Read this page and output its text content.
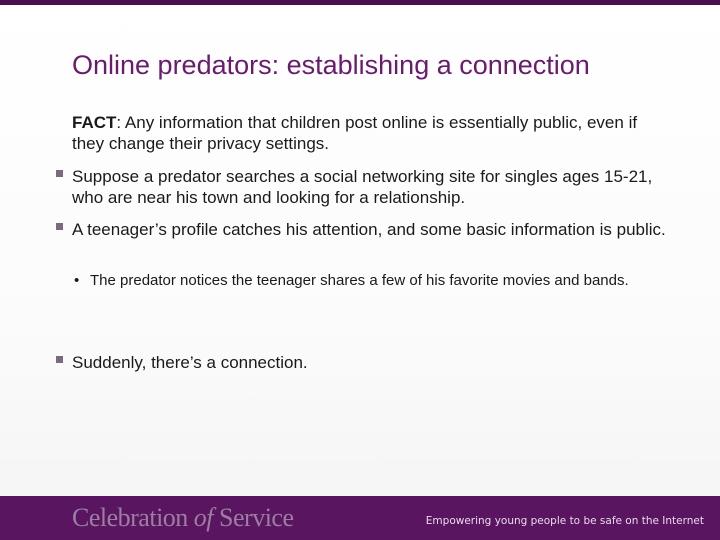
Online predators: establishing a connection
FACT: Any information that children post online is essentially public, even if they change their privacy settings.
Suppose a predator searches a social networking site for singles ages 15-21, who are near his town and looking for a relationship.
A teenager’s profile catches his attention, and some basic information is public.
• The predator notices the teenager shares a few of his favorite movies and bands.
Suddenly, there’s a connection.
Celebration of Service	Empowering young people to be safe on the Internet
